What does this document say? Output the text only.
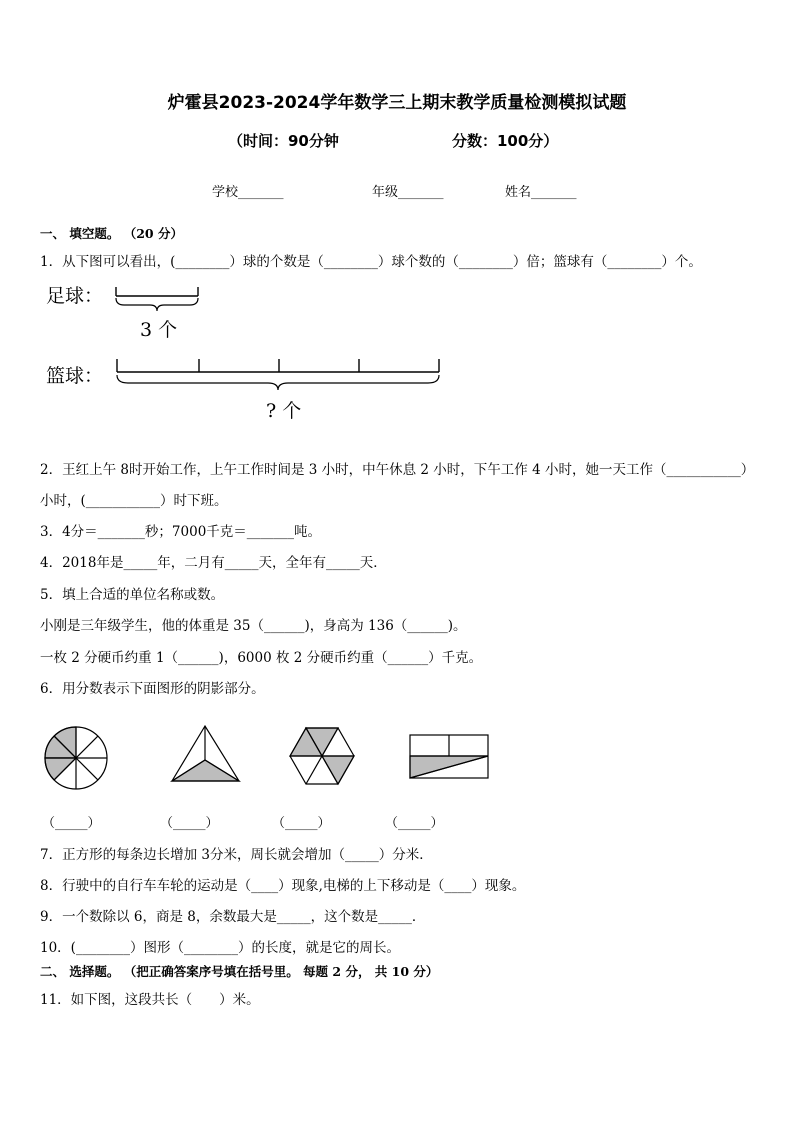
炉霍县2023-2024学年数学三上期末教学质量检测模拟试题
（时间：90分钟	分数：100分）
学校_______	年级_______	姓名_______
一、 填空题。 （20 分）
1．从下图可以看出，(________）球的个数是（________）球个数的（________）倍；篮球有（________）个。
足球：
3 个
篮球：
? 个
2．王红上午 8时开始工作，上午工作时间是 3 小时，中午休息 2 小时，下午工作 4 小时，她一天工作（___________）
小时，(___________）时下班。
3．4分＝_______秒；7000千克＝_______吨。
4．2018年是_____年，二月有_____天，全年有_____天．
5．填上合适的单位名称或数。
小刚是三年级学生，他的体重是 35（______)，身高为 136（______)。
一枚 2 分硬币约重 1（______)，6000 枚 2 分硬币约重（______）千克。
6．用分数表示下面图形的阴影部分。
（_____）	（_____）	（_____）	（_____）
7．正方形的每条边长增加 3分米，周长就会增加（_____）分米．
8．行驶中的自行车车轮的运动是（____）现象,电梯的上下移动是（____）现象。
9．一个数除以 6，商是 8，余数最大是_____，这个数是_____．
10．(________）图形（________）的长度，就是它的周长。
二、 选择题。 （把正确答案序号填在括号里。 每题 2 分， 共 10 分）
11．如下图，这段共长（　　）米。
